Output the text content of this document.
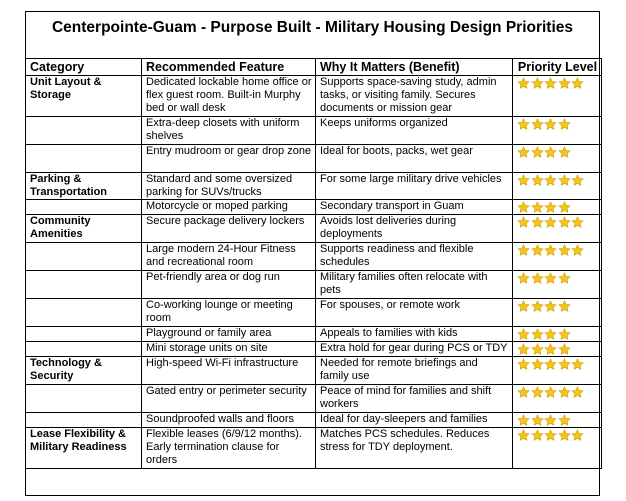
Centerpointe-Guam - Purpose Built - Military Housing Design Priorities
Category	Recommended Feature	Why It Matters (Benefit)	Priority Level
Unit Layout & Storage	Dedicated lockable home office or flex guest room. Built-in Murphy bed or wall desk	Supports space-saving study, admin tasks, or visiting family. Secures documents or mission gear	

	Extra-deep closets with uniform shelves	Keeps uniforms organized	

	Entry mudroom or gear drop zone	Ideal for boots, packs, wet gear	

Parking & Transportation	Standard and some oversized parking for SUVs/trucks	For some large military drive vehicles	

	Motorcycle or moped parking	Secondary transport in Guam	

Community Amenities	Secure package delivery lockers	Avoids lost deliveries during deployments	

	Large modern 24-Hour Fitness and recreational room	Supports readiness and flexible schedules	

	Pet-friendly area or dog run	Military families often relocate with pets	

	Co-working lounge or meeting room	For spouses, or remote work	

	Playground or family area	Appeals to families with kids	

	Mini storage units on site	Extra hold for gear during PCS or TDY	

Technology & Security	High-speed Wi-Fi infrastructure	Needed for remote briefings and family use	

	Gated entry or perimeter security	Peace of mind for families and shift workers	

	Soundproofed walls and floors	Ideal for day-sleepers and families	

Lease Flexibility & Military Readiness	Flexible leases (6/9/12 months). Early termination clause for orders	Matches PCS schedules. Reduces stress for TDY deployment.	
